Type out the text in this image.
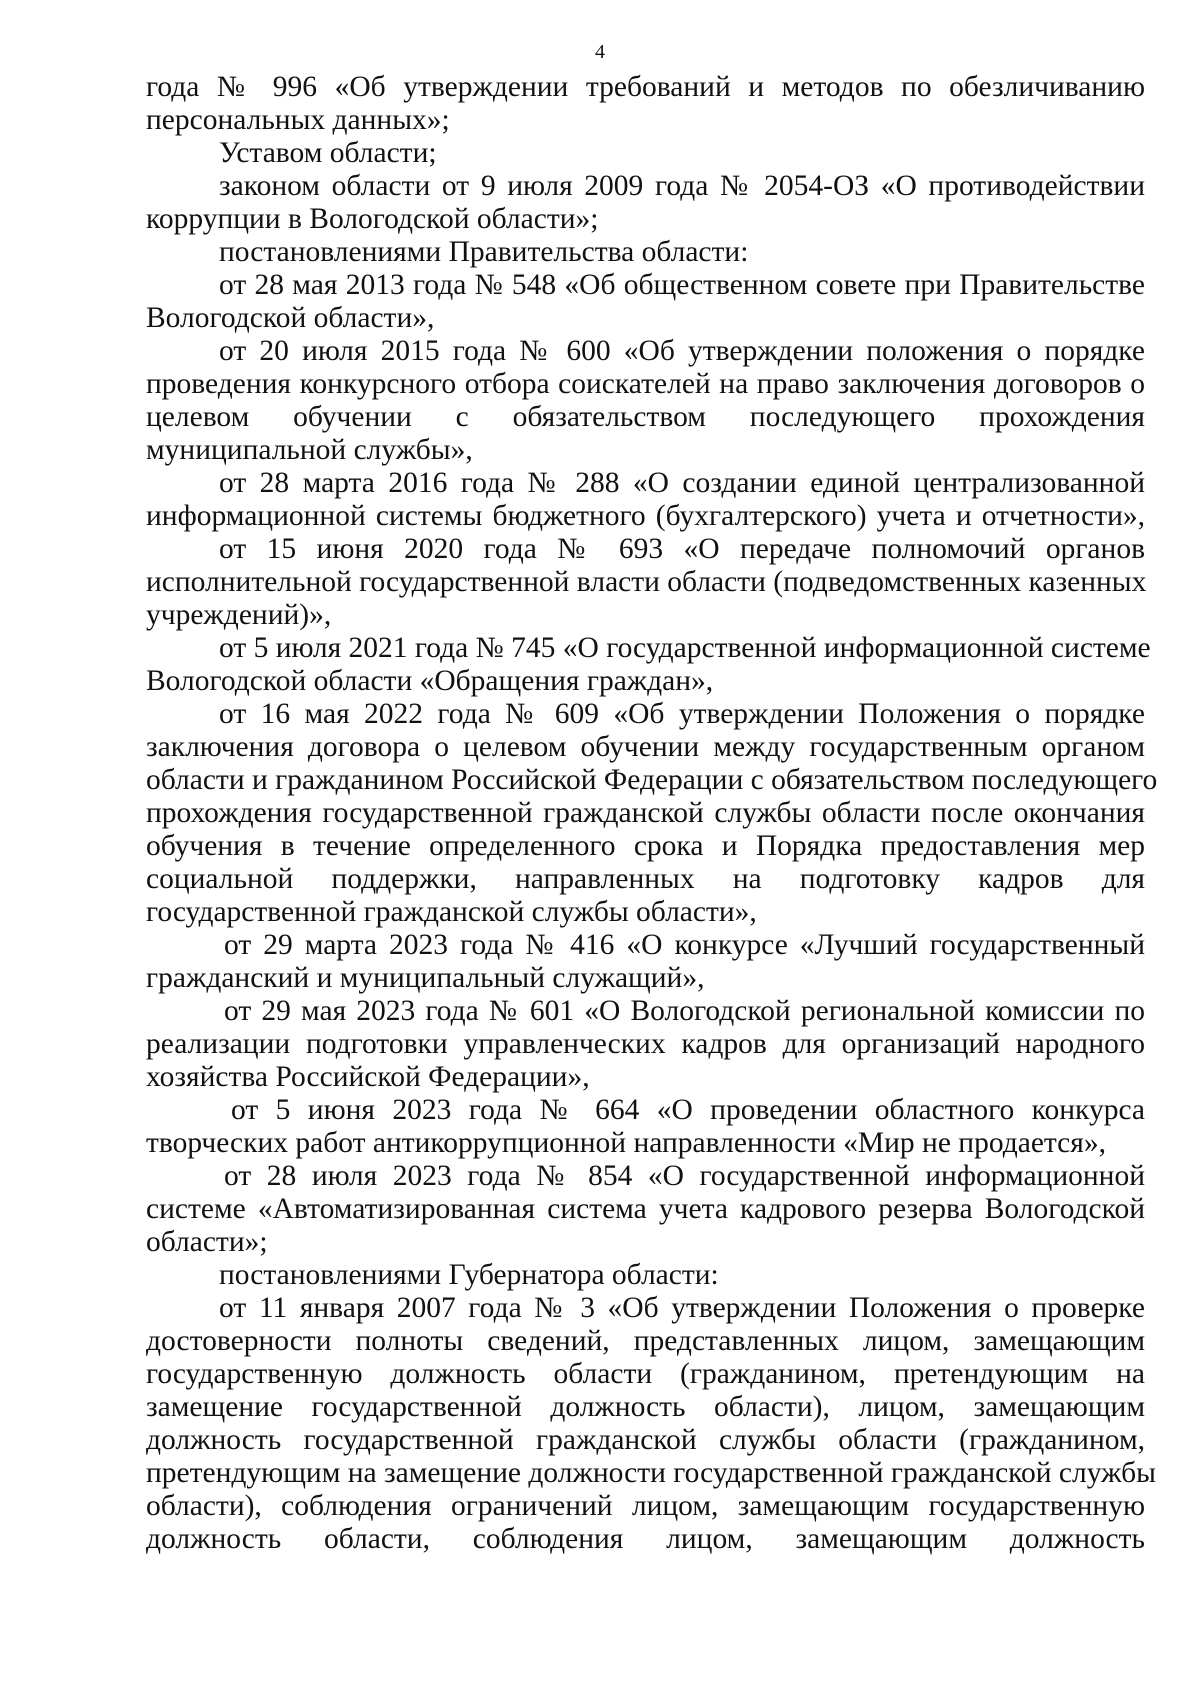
4
года № 996 «Об утверждении требований и методов по обезличиванию
персональных данных»;
Уставом области;
законом области от 9 июля 2009 года № 2054-ОЗ «О противодействии
коррупции в Вологодской области»;
постановлениями Правительства области:
от 28 мая 2013 года № 548 «Об общественном совете при Правительстве
Вологодской области»,
от 20 июля 2015 года № 600 «Об утверждении положения о порядке
проведения конкурсного отбора соискателей на право заключения договоров о
целевом обучении с обязательством последующего прохождения
муниципальной службы»,
от 28 марта 2016 года № 288 «О создании единой централизованной
информационной системы бюджетного (бухгалтерского) учета и отчетности»,
от 15 июня 2020 года № 693 «О передаче полномочий органов
исполнительной государственной власти области (подведомственных казенных
учреждений)»,
от 5 июля 2021 года № 745 «О государственной информационной системе
Вологодской области «Обращения граждан»,
от 16 мая 2022 года № 609 «Об утверждении Положения о порядке
заключения договора о целевом обучении между государственным органом
области и гражданином Российской Федерации с обязательством последующего
прохождения государственной гражданской службы области после окончания
обучения в течение определенного срока и Порядка предоставления мер
социальной поддержки, направленных на подготовку кадров для
государственной гражданской службы области»,
от 29 марта 2023 года № 416 «О конкурсе «Лучший государственный
гражданский и муниципальный служащий»,
от 29 мая 2023 года № 601 «О Вологодской региональной комиссии по
реализации подготовки управленческих кадров для организаций народного
хозяйства Российской Федерации»,
от 5 июня 2023 года № 664 «О проведении областного конкурса
творческих работ антикоррупционной направленности «Мир не продается»,
от 28 июля 2023 года № 854 «О государственной информационной
системе «Автоматизированная система учета кадрового резерва Вологодской
области»;
постановлениями Губернатора области:
от 11 января 2007 года № 3 «Об утверждении Положения о проверке
достоверности полноты сведений, представленных лицом, замещающим
государственную должность области (гражданином, претендующим на
замещение государственной должность области), лицом, замещающим
должность государственной гражданской службы области (гражданином,
претендующим на замещение должности государственной гражданской службы
области), соблюдения ограничений лицом, замещающим государственную
должность области, соблюдения лицом, замещающим должность
